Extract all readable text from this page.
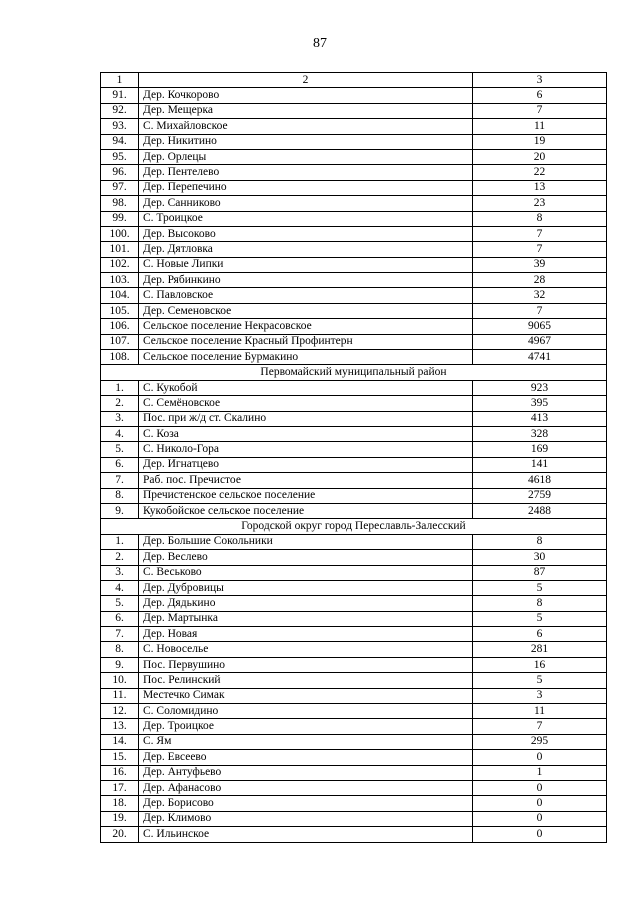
87
1	2	3
91.	Дер. Кочкорово	6
92.	Дер. Мещерка	7
93.	С. Михайловское	11
94.	Дер. Никитино	19
95.	Дер. Орлецы	20
96.	Дер. Пентелево	22
97.	Дер. Перепечино	13
98.	Дер. Санниково	23
99.	С. Троицкое	8
100.	Дер. Высоково	7
101.	Дер. Дятловка	7
102.	С. Новые Липки	39
103.	Дер. Рябинкино	28
104.	С. Павловское	32
105.	Дер. Семеновское	7
106.	Сельское поселение Некрасовское	9065
107.	Сельское поселение Красный Профинтерн	4967
108.	Сельское поселение Бурмакино	4741
Первомайский муниципальный район		
1.	С. Кукобой	923
2.	С. Семёновское	395
3.	Пос. при ж/д ст. Скалино	413
4.	С. Коза	328
5.	С. Николо-Гора	169
6.	Дер. Игнатцево	141
7.	Раб. пос. Пречистое	4618
8.	Пречистенское сельское поселение	2759
9.	Кукобойское сельское поселение	2488
Городской округ город Переславль-Залесский		
1.	Дер. Большие Сокольники	8
2.	Дер. Веслево	30
3.	С. Веськово	87
4.	Дер. Дубровицы	5
5.	Дер. Дядькино	8
6.	Дер. Мартынка	5
7.	Дер. Новая	6
8.	С. Новоселье	281
9.	Пос. Первушино	16
10.	Пос. Релинский	5
11.	Местечко Симак	3
12.	С. Соломидино	11
13.	Дер. Троицкое	7
14.	С. Ям	295
15.	Дер. Евсеево	0
16.	Дер. Антуфьево	1
17.	Дер. Афанасово	0
18.	Дер. Борисово	0
19.	Дер. Климово	0
20.	С. Ильинское	0
